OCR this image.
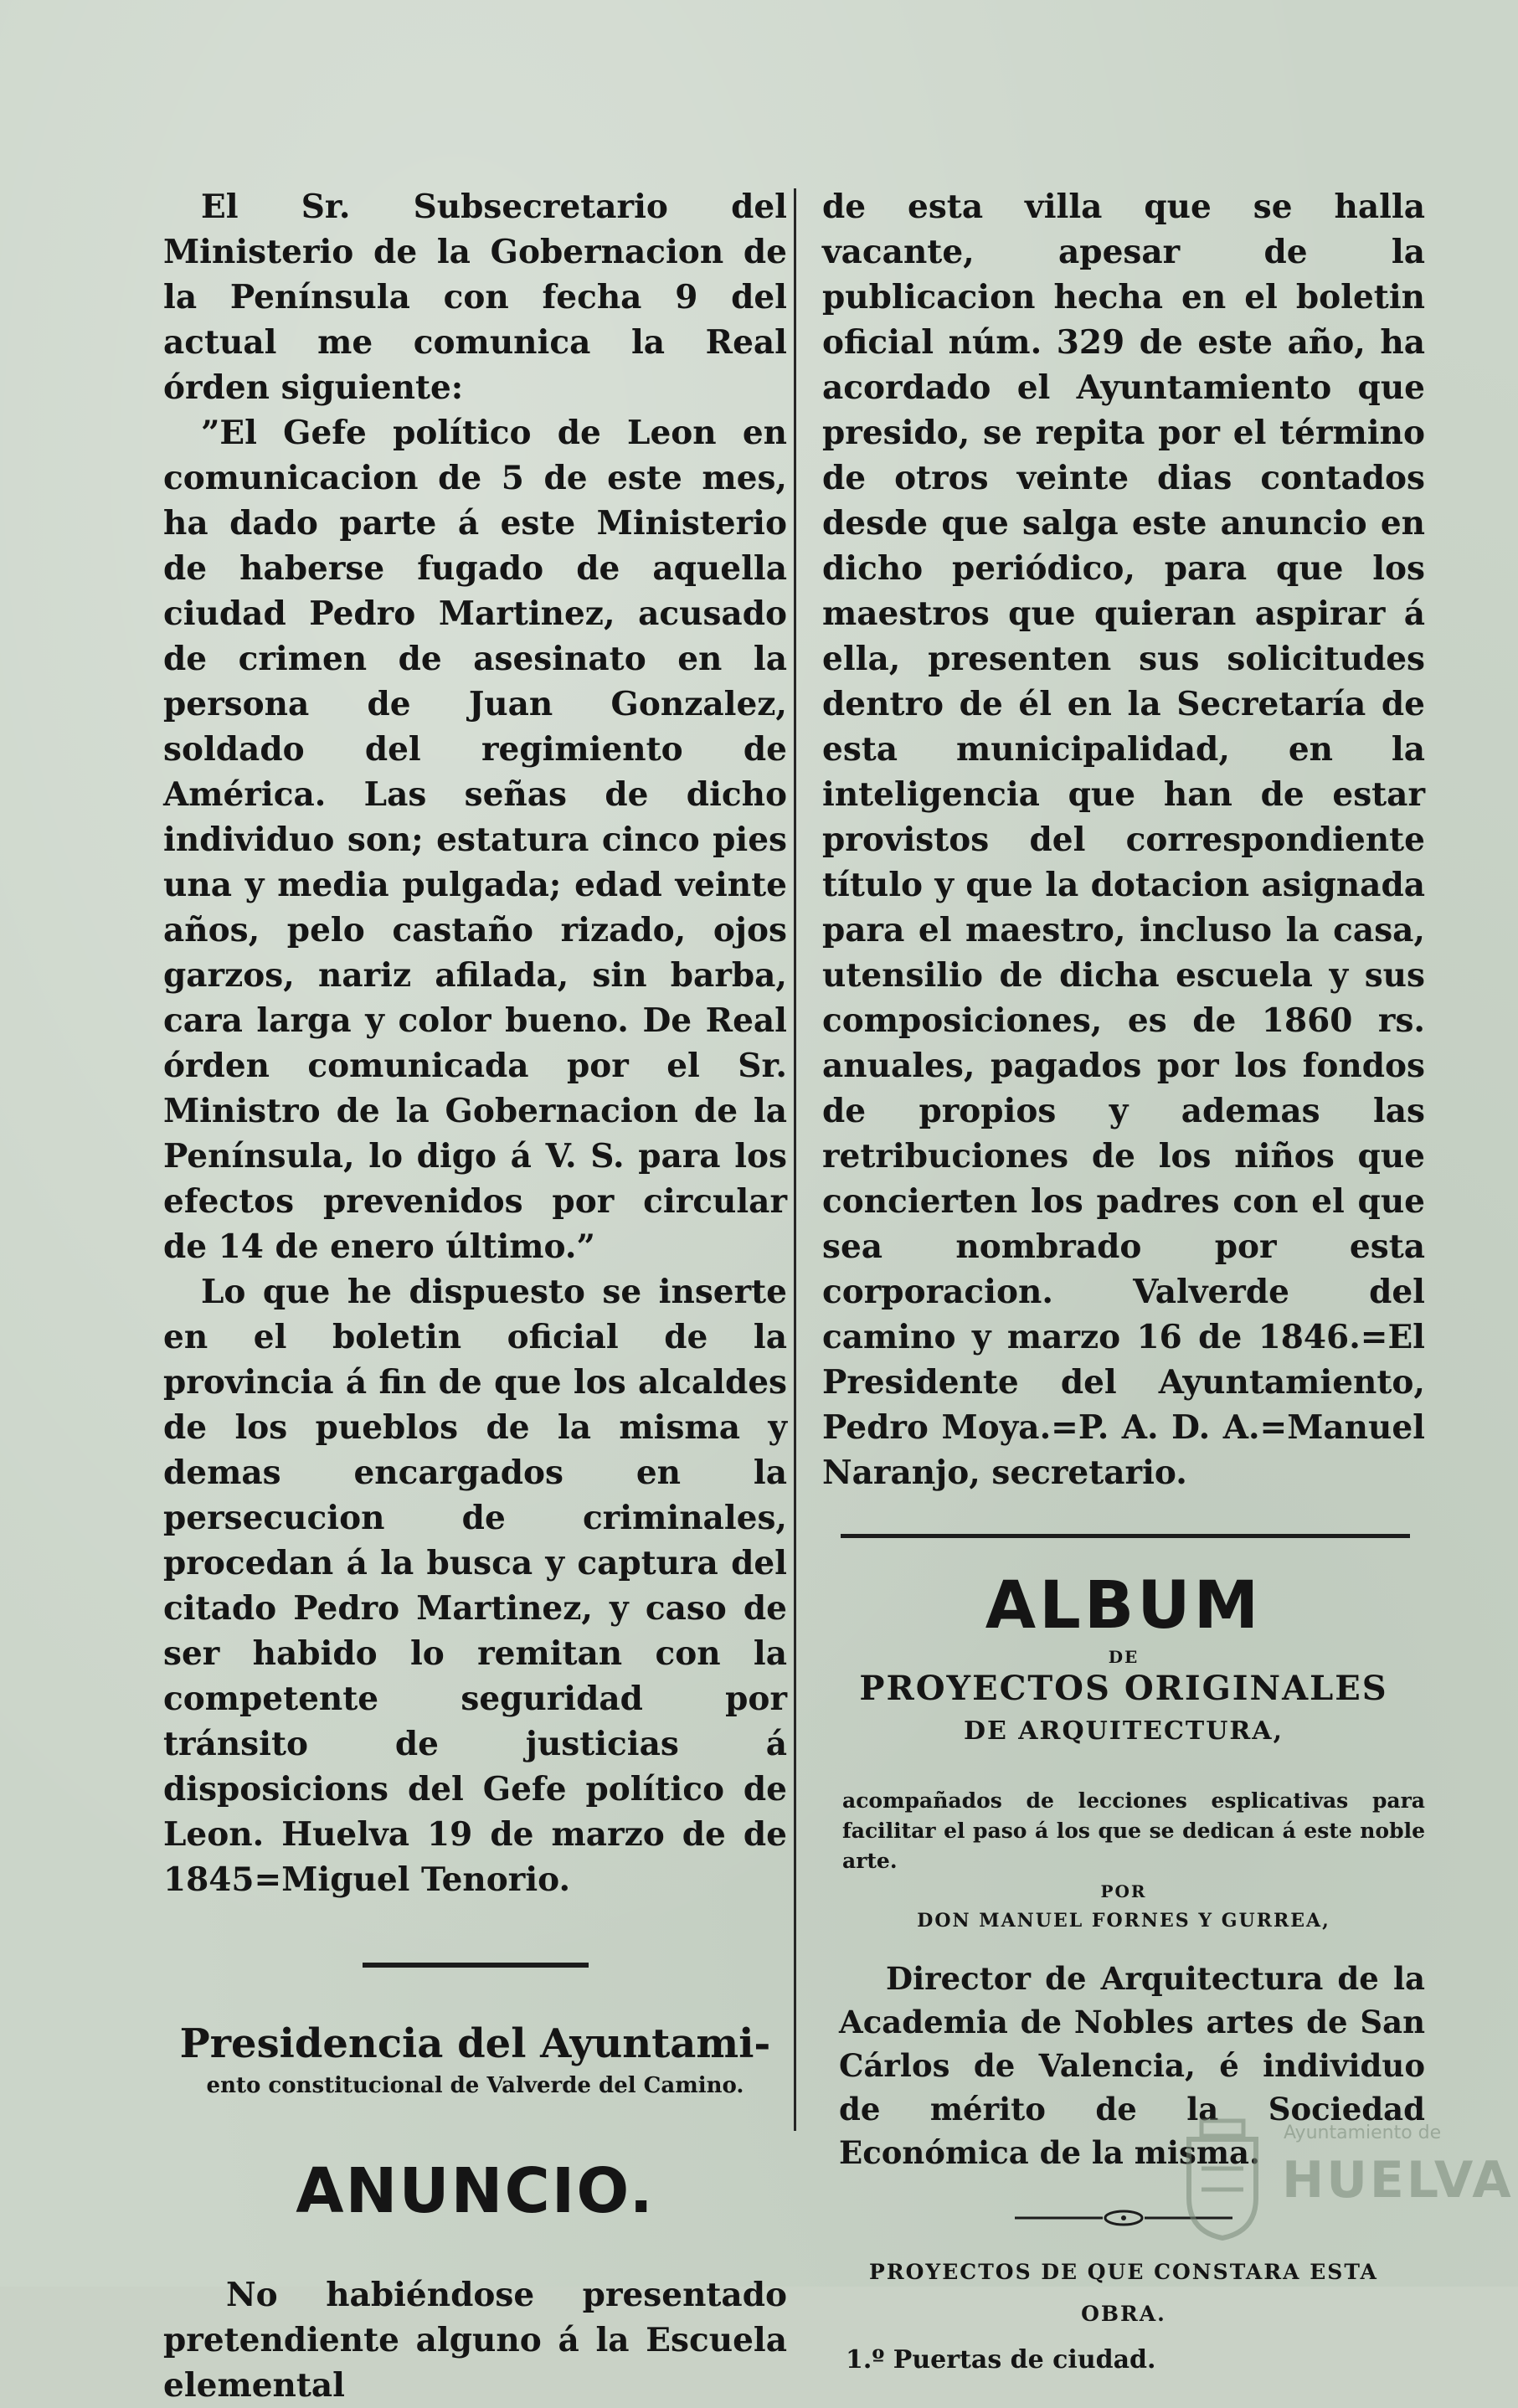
El Sr. Subsecretario del Ministerio de la Gobernacion de la Península con fecha 9 del actual me comunica la Real órden siguiente:

”El Gefe político de Leon en comunicacion de 5 de este mes, ha dado parte á este Ministerio de haberse fugado de aquella ciudad Pedro Martinez, acusado de crimen de asesinato en la persona de Juan Gonzalez, soldado del regimiento de América. Las señas de dicho individuo son; estatura cinco pies una y media pulgada; edad veinte años, pelo castaño rizado, ojos garzos, nariz afilada, sin barba, cara larga y color bueno. De Real órden comunicada por el Sr. Ministro de la Gobernacion de la Península, lo digo á V. S. para los efectos prevenidos por circular de 14 de enero último.”

Lo que he dispuesto se inserte en el boletin oficial de la provincia á fin de que los alcaldes de los pueblos de la misma y demas encargados en la persecucion de criminales, procedan á la busca y captura del citado Pedro Martinez, y caso de ser habido lo remitan con la competente seguridad por tránsito de justicias á disposicions del Gefe político de Leon. Huelva 19 de marzo de de 1845=Miguel Tenorio.

Presidencia del Ayuntami-
ento constitucional de Valverde del Camino.
ANUNCIO.

No habiéndose presentado pretendiente alguno á la Escuela elemental

de esta villa que se halla vacante, apesar de la publicacion hecha en el boletin oficial núm. 329 de este año, ha acordado el Ayuntamiento que presido, se repita por el término de otros veinte dias contados desde que salga este anuncio en dicho periódico, para que los maestros que quieran aspirar á ella, presenten sus solicitudes dentro de él en la Secretaría de esta municipalidad, en la inteligencia que han de estar provistos del correspondiente título y que la dotacion asignada para el maestro, incluso la casa, utensilio de dicha escuela y sus composiciones, es de 1860 rs. anuales, pagados por los fondos de propios y ademas las retribuciones de los niños que concierten los padres con el que sea nombrado por esta corporacion. Valverde del camino y marzo 16 de 1846.=El Presidente del Ayuntamiento, Pedro Moya.=P. A. D. A.=Manuel Naranjo, secretario.

ALBUM
DE
PROYECTOS ORIGINALES
DE ARQUITECTURA,
acompañados de lecciones esplicativas para facilitar el paso á los que se dedican á este noble arte.
POR
DON MANUEL FORNES Y GURREA,
Director de Arquitectura de la Academia de Nobles artes de San Cárlos de Valencia, é individuo de mérito de la Sociedad Económica de la misma.
PROYECTOS DE QUE CONSTARA ESTA OBRA.
1.º Puertas de ciudad.
Ayuntamiento de
HUELVA
